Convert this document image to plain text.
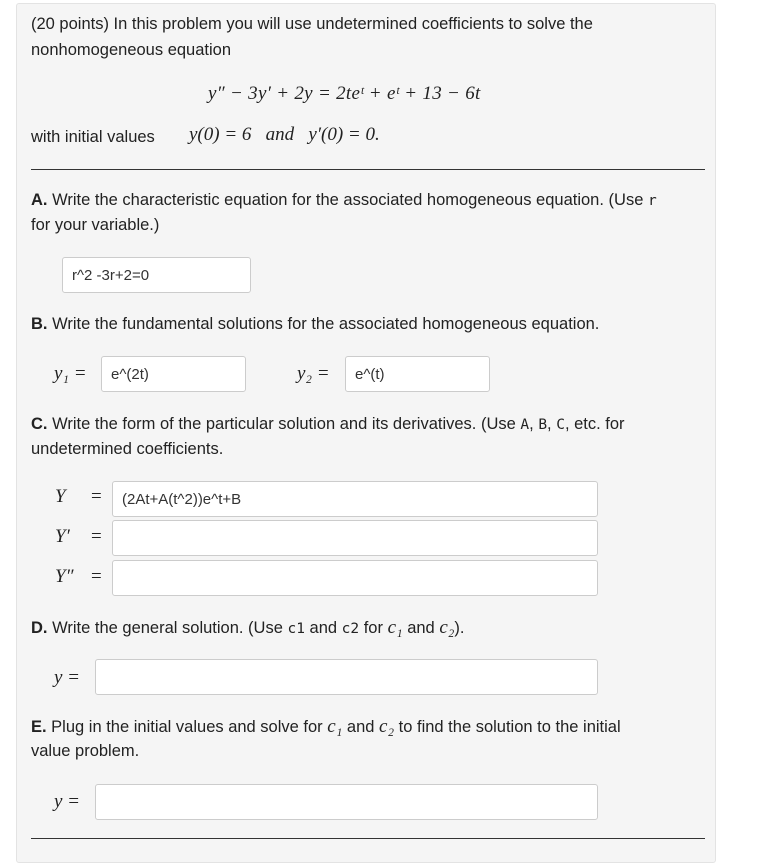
(20 points) In this problem you will use undetermined coefficients to solve the
nonhomogeneous equation
y″ − 3y′ + 2y = 2teᵗ + eᵗ + 13 − 6t
with initial values y(0) = 6   and   y′(0) = 0.
A. Write the characteristic equation for the associated homogeneous equation. (Use r
for your variable.)
r^2 -3r+2=0
B. Write the fundamental solutions for the associated homogeneous equation.
y₁ =	e^(2t)	y₂ =	e^(t)
C. Write the form of the particular solution and its derivatives. (Use A, B, C, etc. for
undetermined coefficients.
Y =	(2At+A(t^2))e^t+B
Y′ =
Y″ =
D. Write the general solution. (Use c1 and c2 for c₁ and c₂).
y =
E. Plug in the initial values and solve for c₁ and c₂ to find the solution to the initial
value problem.
y =
